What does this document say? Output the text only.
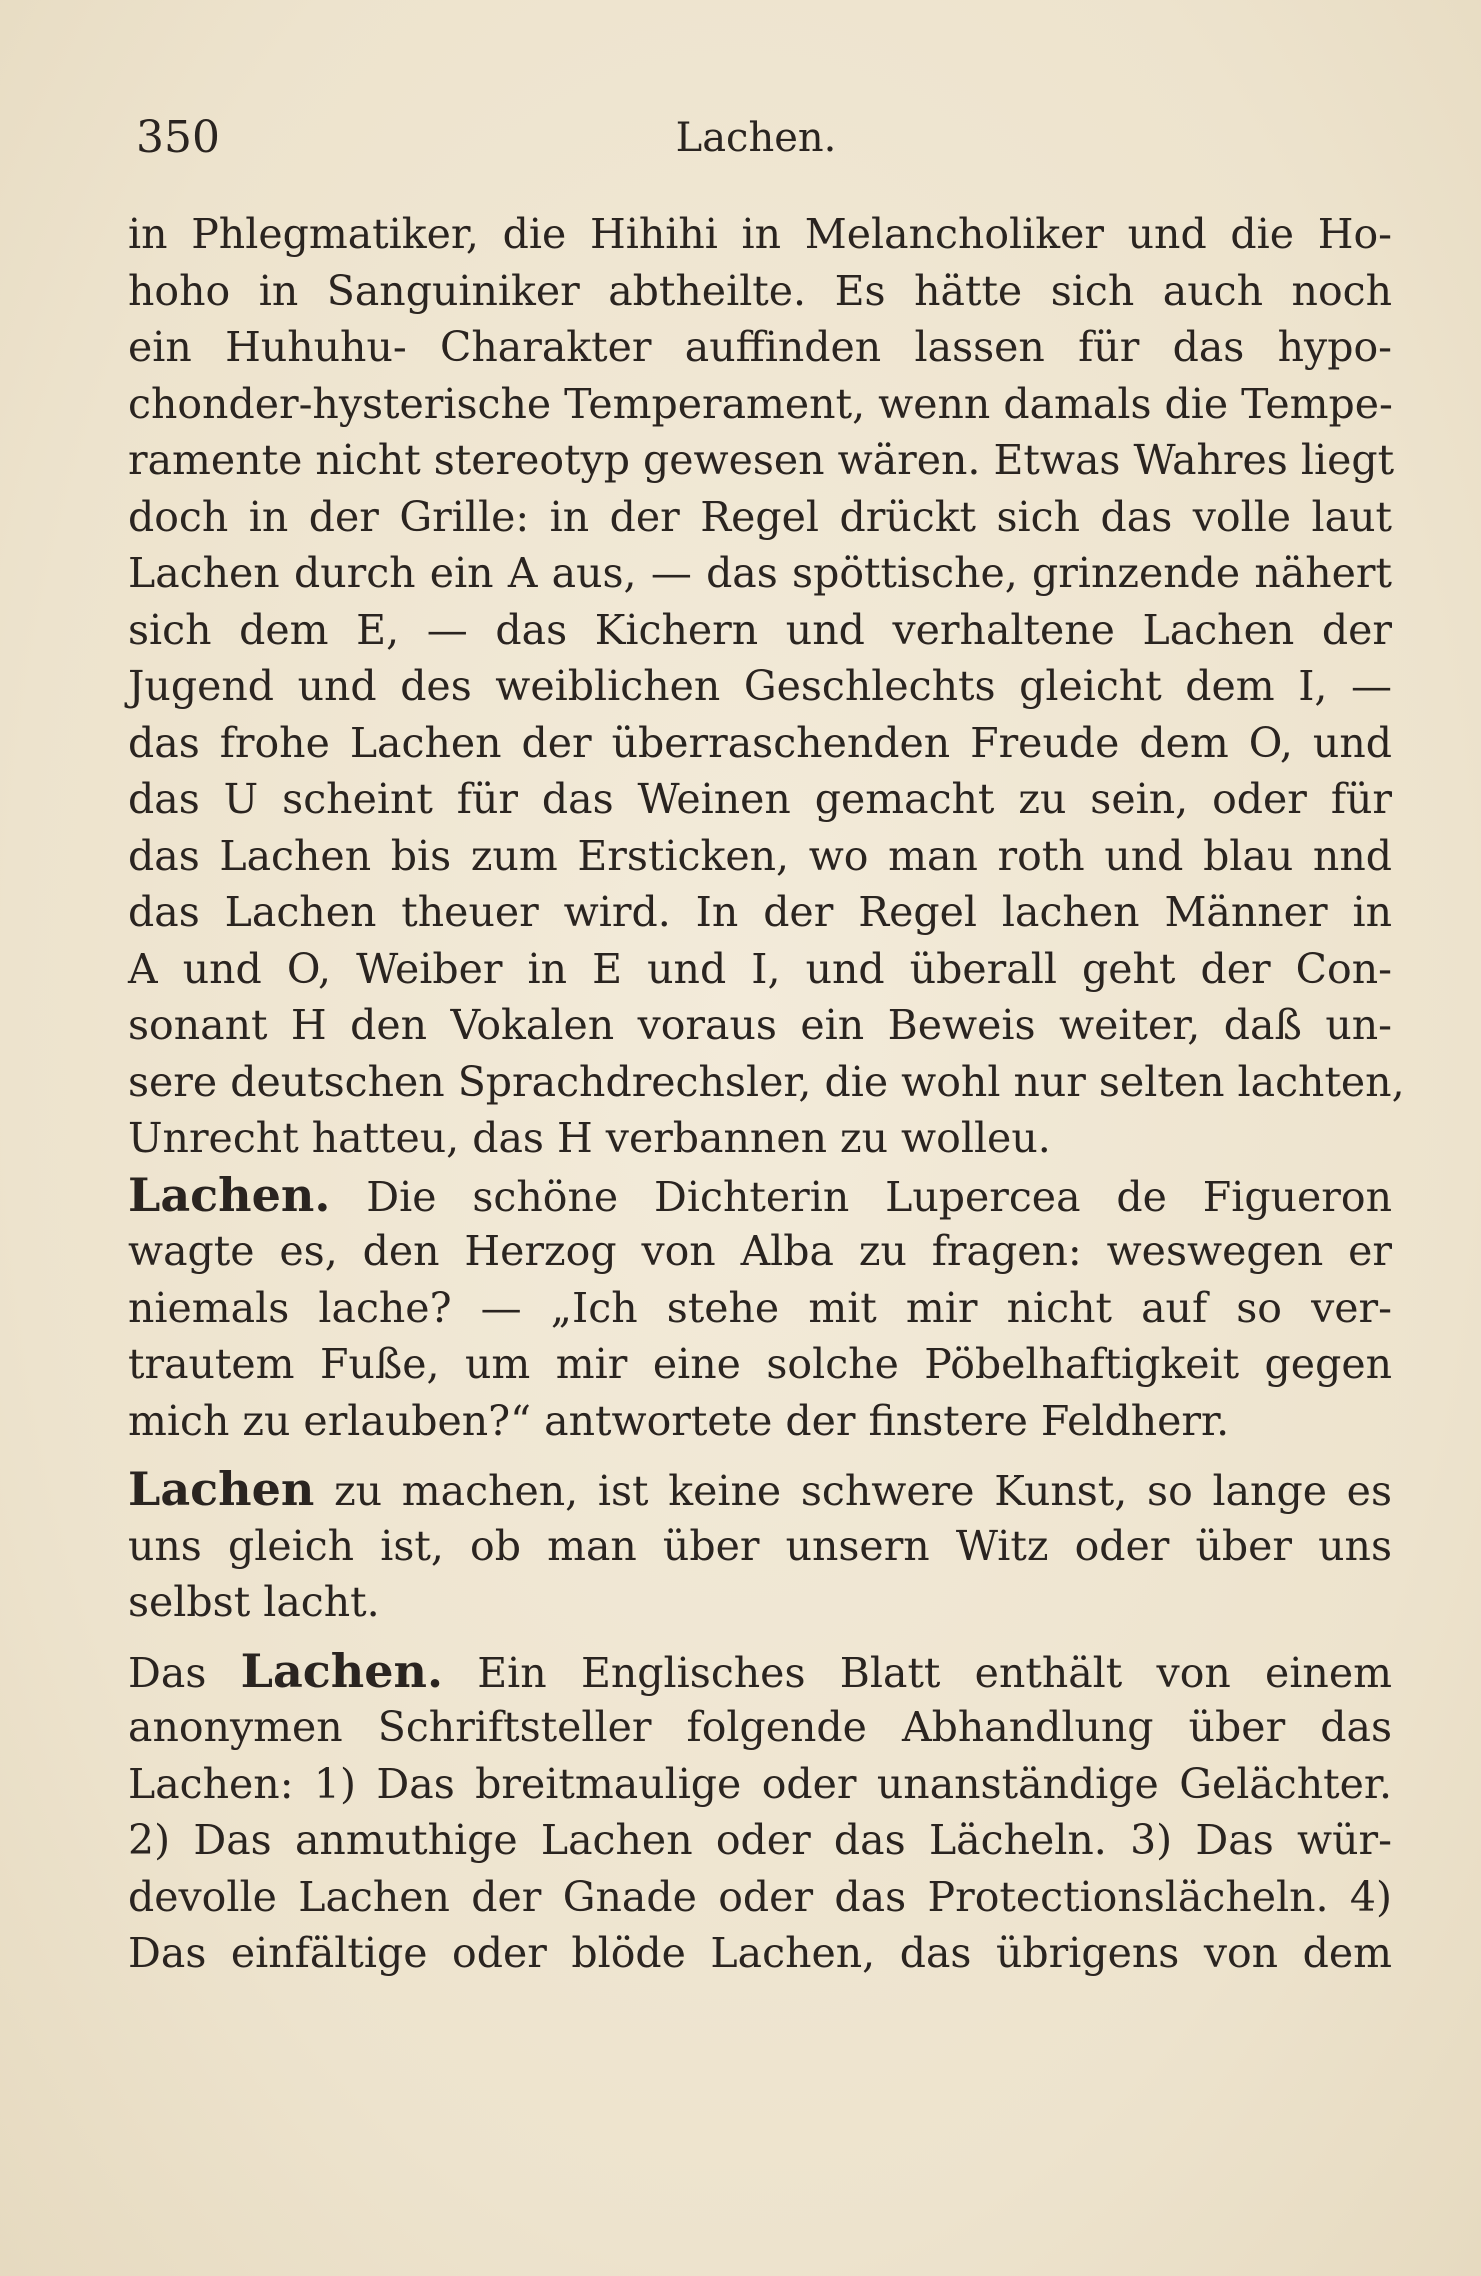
350	Lachen.
in Phlegmatiker, die Hihihi in Melancholiker und die Ho-
hoho in Sanguiniker abtheilte. Es hätte sich auch noch
ein Huhuhu- Charakter auffinden lassen für das hypo-
chonder-hysterische Temperament, wenn damals die Tempe-
ramente nicht stereotyp gewesen wären. Etwas Wahres liegt
doch in der Grille: in der Regel drückt sich das volle laut
Lachen durch ein A aus, — das spöttische, grinzende nähert
sich dem E, — das Kichern und verhaltene Lachen der
Jugend und des weiblichen Geschlechts gleicht dem I, —
das frohe Lachen der überraschenden Freude dem O, und
das U scheint für das Weinen gemacht zu sein, oder für
das Lachen bis zum Ersticken, wo man roth und blau nnd
das Lachen theuer wird. In der Regel lachen Männer in
A und O, Weiber in E und I, und überall geht der Con-
sonant H den Vokalen voraus ein Beweis weiter, daß un-
sere deutschen Sprachdrechsler, die wohl nur selten lachten,
Unrecht hatteu, das H verbannen zu wolleu.
Lachen. Die schöne Dichterin Lupercea de Figueron
wagte es, den Herzog von Alba zu fragen: weswegen er
niemals lache? — „Ich stehe mit mir nicht auf so ver-
trautem Fuße, um mir eine solche Pöbelhaftigkeit gegen
mich zu erlauben?“ antwortete der finstere Feldherr.
Lachen zu machen, ist keine schwere Kunst, so lange es
uns gleich ist, ob man über unsern Witz oder über uns
selbst lacht.
Das Lachen. Ein Englisches Blatt enthält von einem
anonymen Schriftsteller folgende Abhandlung über das
Lachen: 1) Das breitmaulige oder unanständige Gelächter.
2) Das anmuthige Lachen oder das Lächeln. 3) Das wür-
devolle Lachen der Gnade oder das Protectionslächeln. 4)
Das einfältige oder blöde Lachen, das übrigens von dem
